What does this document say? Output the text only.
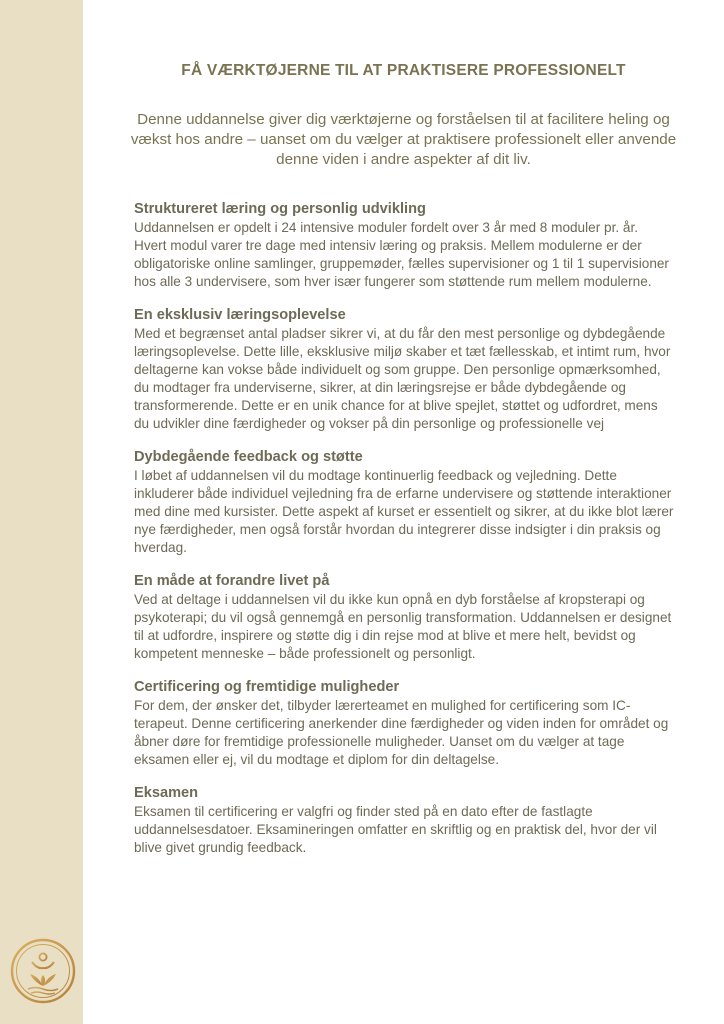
FÅ VÆRKTØJERNE TIL AT PRAKTISERE PROFESSIONELT
Denne uddannelse giver dig værktøjerne og forståelsen til at facilitere heling og vækst hos andre – uanset om du vælger at praktisere professionelt eller anvende denne viden i andre aspekter af dit liv.
Struktureret læring og personlig udvikling
Uddannelsen er opdelt i 24 intensive moduler fordelt over 3 år med 8 moduler pr. år. Hvert modul varer tre dage med intensiv læring og praksis. Mellem modulerne er der obligatoriske online samlinger, gruppemøder, fælles supervisioner og 1 til 1 supervisioner hos alle 3 undervisere, som hver især fungerer som støttende rum mellem modulerne.
En eksklusiv læringsoplevelse
Med et begrænset antal pladser sikrer vi, at du får den mest personlige og dybdegående læringsoplevelse. Dette lille, eksklusive miljø skaber et tæt fællesskab, et intimt rum, hvor deltagerne kan vokse både individuelt og som gruppe. Den personlige opmærksomhed, du modtager fra underviserne, sikrer, at din læringsrejse er både dybdegående og transformerende. Dette er en unik chance for at blive spejlet, støttet og udfordret, mens du udvikler dine færdigheder og vokser på din personlige og professionelle vej
Dybdegående feedback og støtte
I løbet af uddannelsen vil du modtage kontinuerlig feedback og vejledning. Dette inkluderer både individuel vejledning fra de erfarne undervisere og støttende interaktioner med dine med kursister. Dette aspekt af kurset er essentielt og sikrer, at du ikke blot lærer nye færdigheder, men også forstår hvordan du integrerer disse indsigter i din praksis og hverdag.
En måde at forandre livet på
Ved at deltage i uddannelsen vil du ikke kun opnå en dyb forståelse af kropsterapi og psykoterapi; du vil også gennemgå en personlig transformation. Uddannelsen er designet til at udfordre, inspirere og støtte dig i din rejse mod at blive et mere helt, bevidst og kompetent menneske – både professionelt og personligt.
Certificering og fremtidige muligheder
For dem, der ønsker det, tilbyder lærerteamet en mulighed for certificering som IC-terapeut. Denne certificering anerkender dine færdigheder og viden inden for området og åbner døre for fremtidige professionelle muligheder. Uanset om du vælger at tage eksamen eller ej, vil du modtage et diplom for din deltagelse.
Eksamen
Eksamen til certificering er valgfri og finder sted på en dato efter de fastlagte uddannelsesdatoer. Eksamineringen omfatter en skriftlig og en praktisk del, hvor der vil blive givet grundig feedback.
